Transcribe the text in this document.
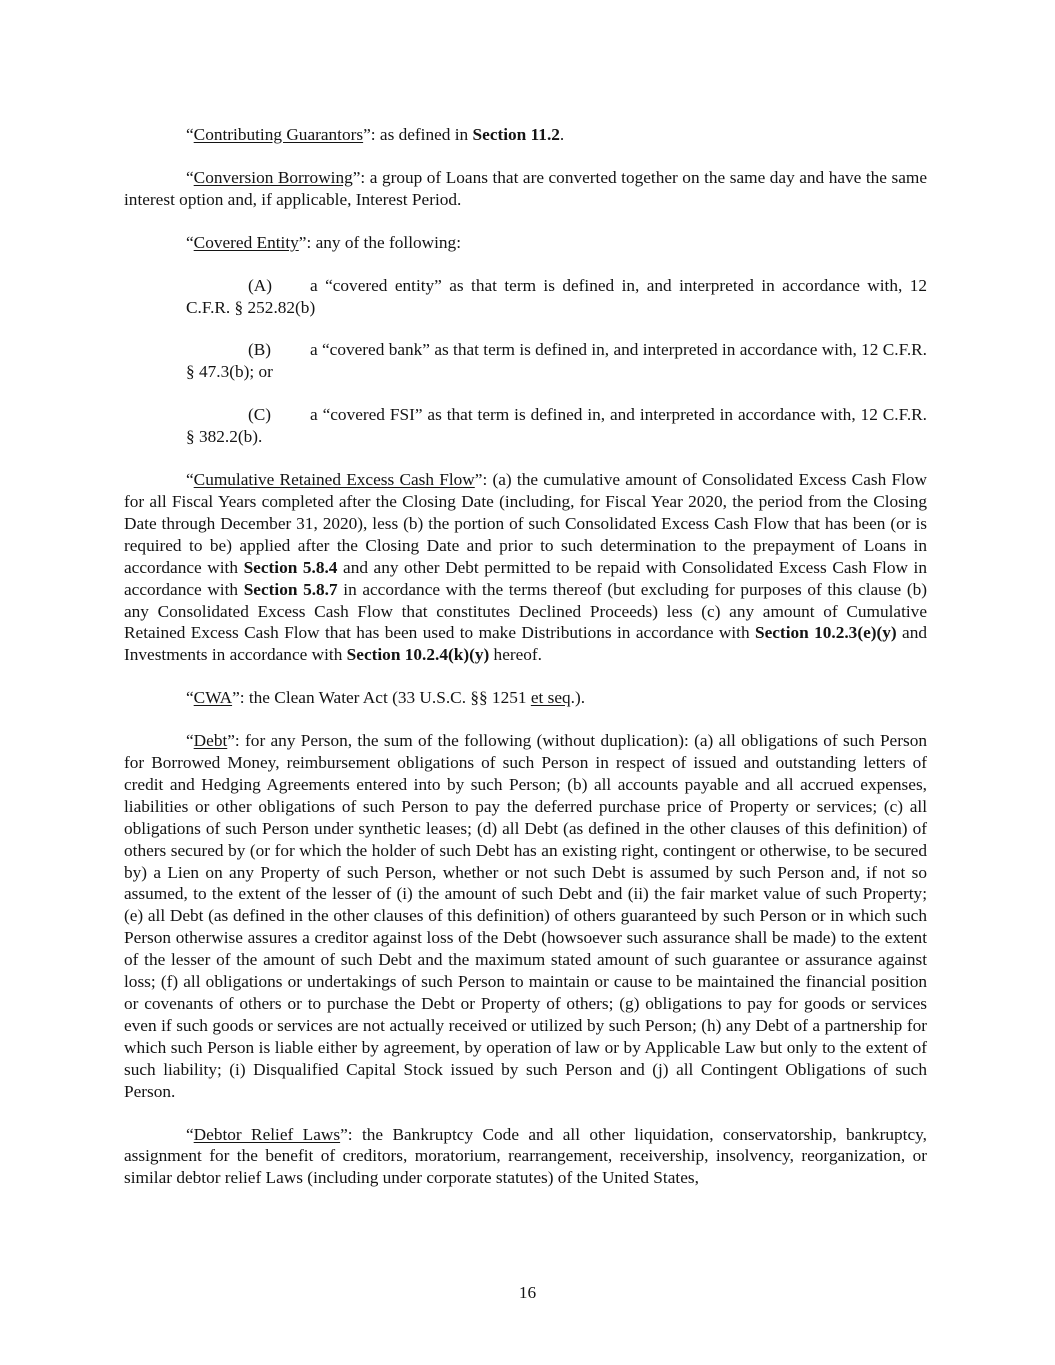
“Contributing Guarantors”: as defined in Section 11.2.

“Conversion Borrowing”: a group of Loans that are converted together on the same day and have the same interest option and, if applicable, Interest Period.

“Covered Entity”: any of the following:

(A) a “covered entity” as that term is defined in, and interpreted in accordance with, 12 C.F.R. § 252.82(b)

(B) a “covered bank” as that term is defined in, and interpreted in accordance with, 12 C.F.R. § 47.3(b); or

(C) a “covered FSI” as that term is defined in, and interpreted in accordance with, 12 C.F.R. § 382.2(b).

“Cumulative Retained Excess Cash Flow”: (a) the cumulative amount of Consolidated Excess Cash Flow for all Fiscal Years completed after the Closing Date (including, for Fiscal Year 2020, the period from the Closing Date through December 31, 2020), less (b) the portion of such Consolidated Excess Cash Flow that has been (or is required to be) applied after the Closing Date and prior to such determination to the prepayment of Loans in accordance with Section 5.8.4 and any other Debt permitted to be repaid with Consolidated Excess Cash Flow in accordance with Section 5.8.7 in accordance with the terms thereof (but excluding for purposes of this clause (b) any Consolidated Excess Cash Flow that constitutes Declined Proceeds) less (c) any amount of Cumulative Retained Excess Cash Flow that has been used to make Distributions in accordance with Section 10.2.3(e)(y) and Investments in accordance with Section 10.2.4(k)(y) hereof.

“CWA”: the Clean Water Act (33 U.S.C. §§ 1251 et seq.).

“Debt”: for any Person, the sum of the following (without duplication): (a) all obligations of such Person for Borrowed Money, reimbursement obligations of such Person in respect of issued and outstanding letters of credit and Hedging Agreements entered into by such Person; (b) all accounts payable and all accrued expenses, liabilities or other obligations of such Person to pay the deferred purchase price of Property or services; (c) all obligations of such Person under synthetic leases; (d) all Debt (as defined in the other clauses of this definition) of others secured by (or for which the holder of such Debt has an existing right, contingent or otherwise, to be secured by) a Lien on any Property of such Person, whether or not such Debt is assumed by such Person and, if not so assumed, to the extent of the lesser of (i) the amount of such Debt and (ii) the fair market value of such Property; (e) all Debt (as defined in the other clauses of this definition) of others guaranteed by such Person or in which such Person otherwise assures a creditor against loss of the Debt (howsoever such assurance shall be made) to the extent of the lesser of the amount of such Debt and the maximum stated amount of such guarantee or assurance against loss; (f) all obligations or undertakings of such Person to maintain or cause to be maintained the financial position or covenants of others or to purchase the Debt or Property of others; (g) obligations to pay for goods or services even if such goods or services are not actually received or utilized by such Person; (h) any Debt of a partnership for which such Person is liable either by agreement, by operation of law or by Applicable Law but only to the extent of such liability; (i) Disqualified Capital Stock issued by such Person and (j) all Contingent Obligations of such Person.

“Debtor Relief Laws”: the Bankruptcy Code and all other liquidation, conservatorship, bankruptcy, assignment for the benefit of creditors, moratorium, rearrangement, receivership, insolvency, reorganization, or similar debtor relief Laws (including under corporate statutes) of the United States,

16
